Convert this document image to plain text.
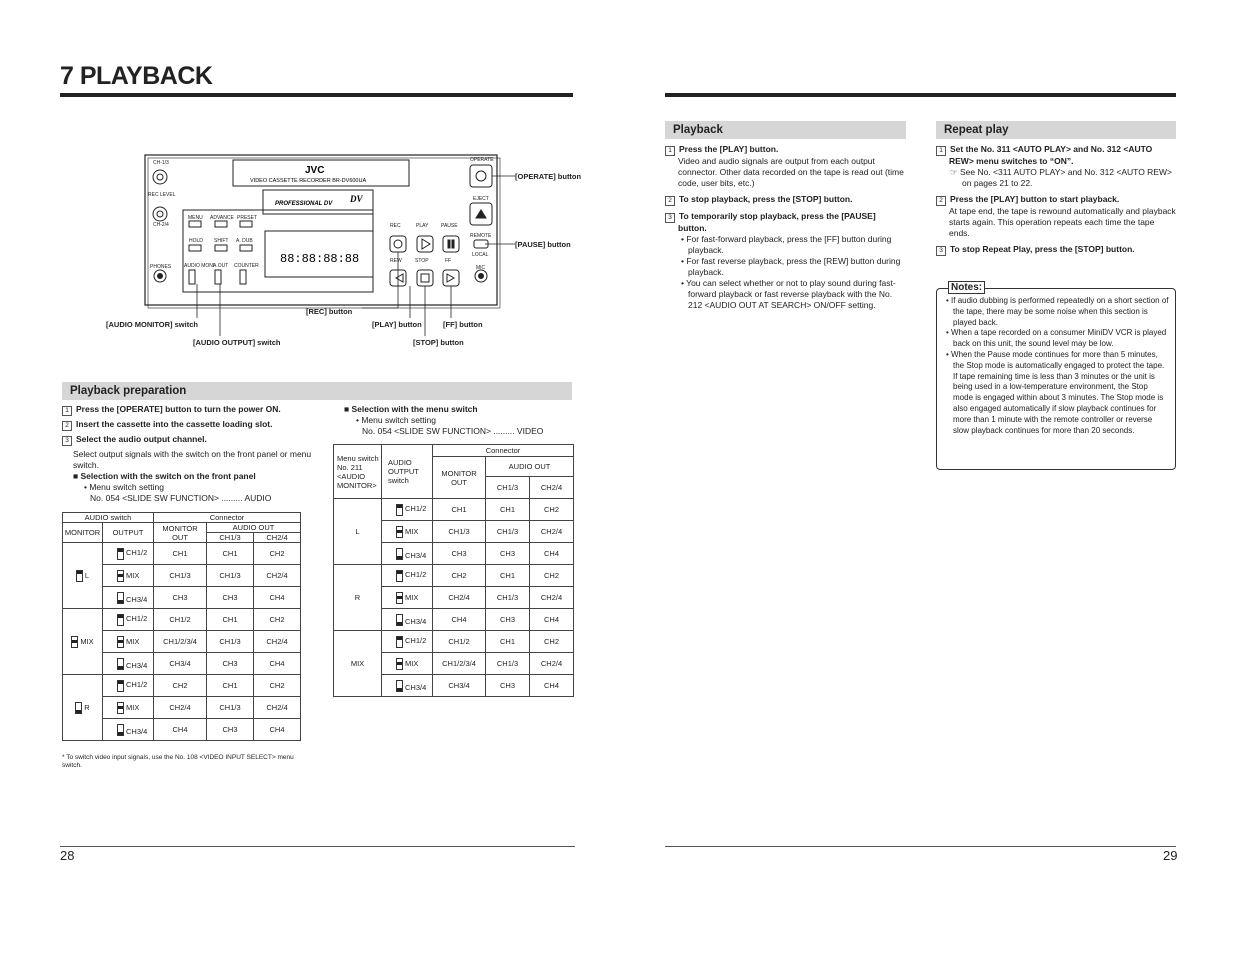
7 PLAYBACK
88:88:88:88
CH-1/3
REC LEVEL
CH-2/4
PHONES
MENU ADVANCE PRESET
HOLD SHIFT A. DUB
AUDIO MONI
A.OUT COUNTER
REC	PLAY	PAUSE
REW	STOP	FF
OPERATE
EJECT
REMOTE
LOCAL
MIC
JVC
VIDEO CASSETTE RECORDER BR-DV600UA
PROFESSIONAL DV DV
[OPERATE] button
[PAUSE] button
[REC] button
[AUDIO MONITOR] switch	[PLAY] button	[FF] button
[AUDIO OUTPUT] switch	[STOP] button
Playback preparation
1 Press the [OPERATE] button to turn the power ON.
2 Insert the cassette into the cassette loading slot.
3 Select the audio output channel.
Select output signals with the switch on the front panel or menu switch.
■ Selection with the switch on the front panel
• Menu switch setting
No. 054 <SLIDE SW FUNCTION> ......... AUDIO
■ Selection with the menu switch
• Menu switch setting
No. 054 <SLIDE SW FUNCTION> ......... VIDEO
AUDIO switch		Connector		
MONITOR	OUTPUT	MONITOR OUT	AUDIO OUT	
			CH1/3	CH2/4
L	CH1/2	CH1	CH1	CH2
	MIX	CH1/3	CH1/3	CH2/4
	CH3/4	CH3	CH3	CH4
MIX	CH1/2	CH1/2	CH1	CH2
	MIX	CH1/2/3/4	CH1/3	CH2/4
	CH3/4	CH3/4	CH3	CH4
R	CH1/2	CH2	CH1	CH2
	MIX	CH2/4	CH1/3	CH2/4
	CH3/4	CH4	CH3	CH4
* To switch video input signals, use the No. 108 <VIDEO INPUT SELECT> menu switch.
Menu switch No. 211 <AUDIO MONITOR>	AUDIO OUTPUT switch	Connector		
		MONITOR OUT	AUDIO OUT	
			CH1/3	CH2/4
L	CH1/2	CH1	CH1	CH2
	MIX	CH1/3	CH1/3	CH2/4
	CH3/4	CH3	CH3	CH4
R	CH1/2	CH2	CH1	CH2
	MIX	CH2/4	CH1/3	CH2/4
	CH3/4	CH4	CH3	CH4
MIX	CH1/2	CH1/2	CH1	CH2
	MIX	CH1/2/3/4	CH1/3	CH2/4
	CH3/4	CH3/4	CH3	CH4
28
Playback
1 Press the [PLAY] button.
Video and audio signals are output from each output connector. Other data recorded on the tape is read out (time code, user bits, etc.)
2 To stop playback, press the [STOP] button.
3 To temporarily stop playback, press the [PAUSE] button.
• For fast-forward playback, press the [FF] button during playback.
• For fast reverse playback, press the [REW] button during playback.
• You can select whether or not to play sound during fast-forward playback or fast reverse playback with the No. 212 <AUDIO OUT AT SEARCH> ON/OFF setting.
Repeat play
1 Set the No. 311 <AUTO PLAY> and No. 312 <AUTO REW> menu switches to “ON”.
☞ See No. <311 AUTO PLAY> and No. 312 <AUTO REW> on pages 21 to 22.
2 Press the [PLAY] button to start playback.
At tape end, the tape is rewound automatically and playback starts again. This operation repeats each time the tape ends.
3 To stop Repeat Play, press the [STOP] button.
Notes:
• If audio dubbing is performed repeatedly on a short section of the tape, there may be some noise when this section is played back.
• When a tape recorded on a consumer MiniDV VCR is played back on this unit, the sound level may be low.
• When the Pause mode continues for more than 5 minutes, the Stop mode is automatically engaged to protect the tape. If tape remaining time is less than 3 minutes or the unit is being used in a low-temperature environment, the Stop mode is engaged within about 3 minutes. The Stop mode is also engaged automatically if slow playback continues for more than 1 minute with the remote controller or reverse slow playback continues for more than 20 seconds.
29
